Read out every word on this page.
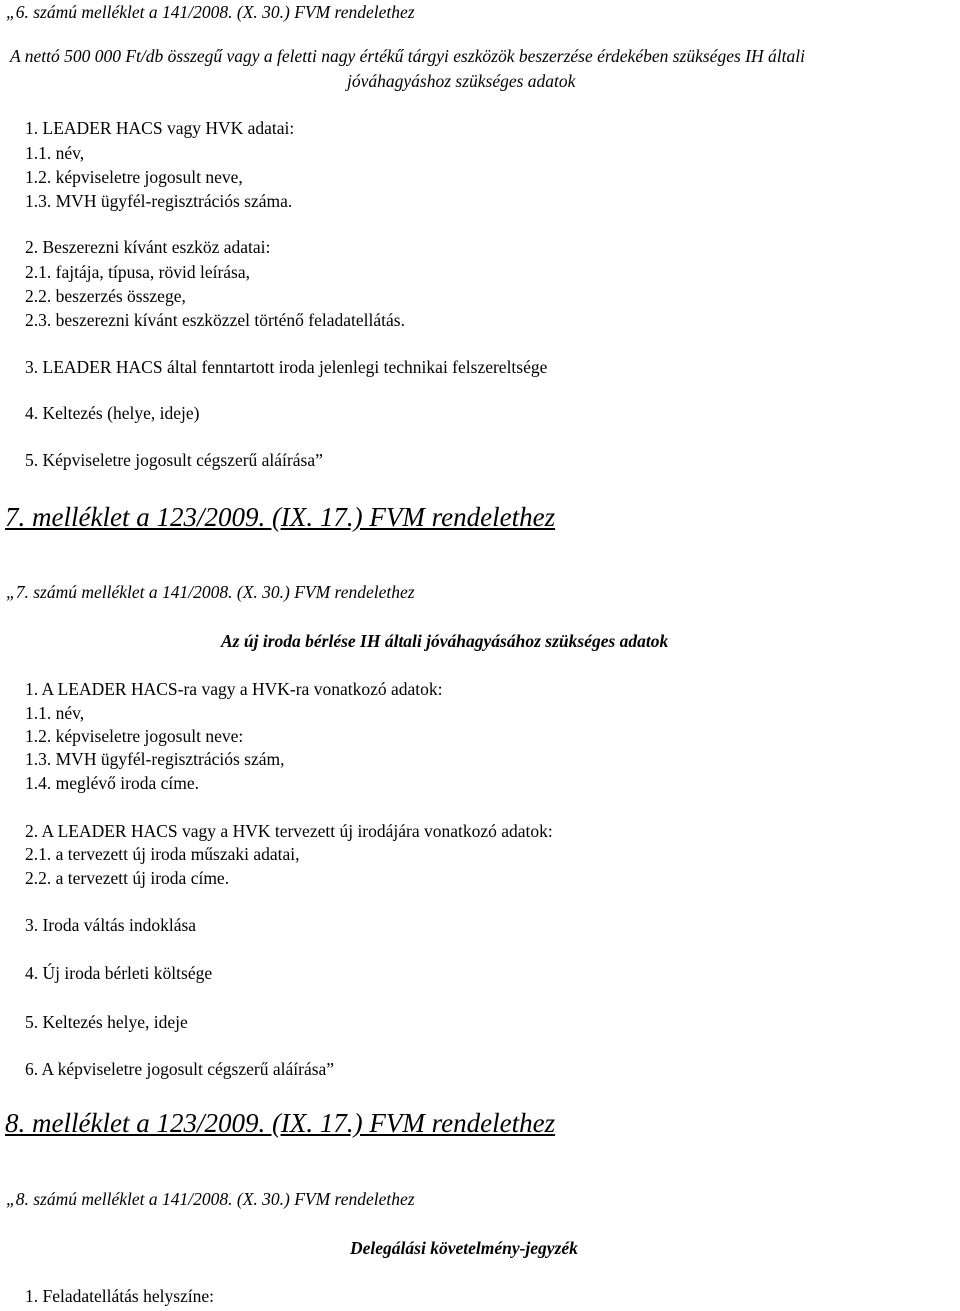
„6. számú melléklet a 141/2008. (X. 30.) FVM rendelethez
A nettó 500 000 Ft/db összegű vagy a feletti nagy értékű tárgyi eszközök beszerzése érdekében szükséges IH általi
jóváhagyáshoz szükséges adatok
1. LEADER HACS vagy HVK adatai:
1.1. név,
1.2. képviseletre jogosult neve,
1.3. MVH ügyfél-regisztrációs száma.
2. Beszerezni kívánt eszköz adatai:
2.1. fajtája, típusa, rövid leírása,
2.2. beszerzés összege,
2.3. beszerezni kívánt eszközzel történő feladatellátás.
3. LEADER HACS által fenntartott iroda jelenlegi technikai felszereltsége
4. Keltezés (helye, ideje)
5. Képviseletre jogosult cégszerű aláírása”
7. melléklet a 123/2009. (IX. 17.) FVM rendelethez
„7. számú melléklet a 141/2008. (X. 30.) FVM rendelethez
Az új iroda bérlése IH általi jóváhagyásához szükséges adatok
1. A LEADER HACS-ra vagy a HVK-ra vonatkozó adatok:
1.1. név,
1.2. képviseletre jogosult neve:
1.3. MVH ügyfél-regisztrációs szám,
1.4. meglévő iroda címe.
2. A LEADER HACS vagy a HVK tervezett új irodájára vonatkozó adatok:
2.1. a tervezett új iroda műszaki adatai,
2.2. a tervezett új iroda címe.
3. Iroda váltás indoklása
4. Új iroda bérleti költsége
5. Keltezés helye, ideje
6. A képviseletre jogosult cégszerű aláírása”
8. melléklet a 123/2009. (IX. 17.) FVM rendelethez
„8. számú melléklet a 141/2008. (X. 30.) FVM rendelethez
Delegálási követelmény-jegyzék
1. Feladatellátás helyszíne:
